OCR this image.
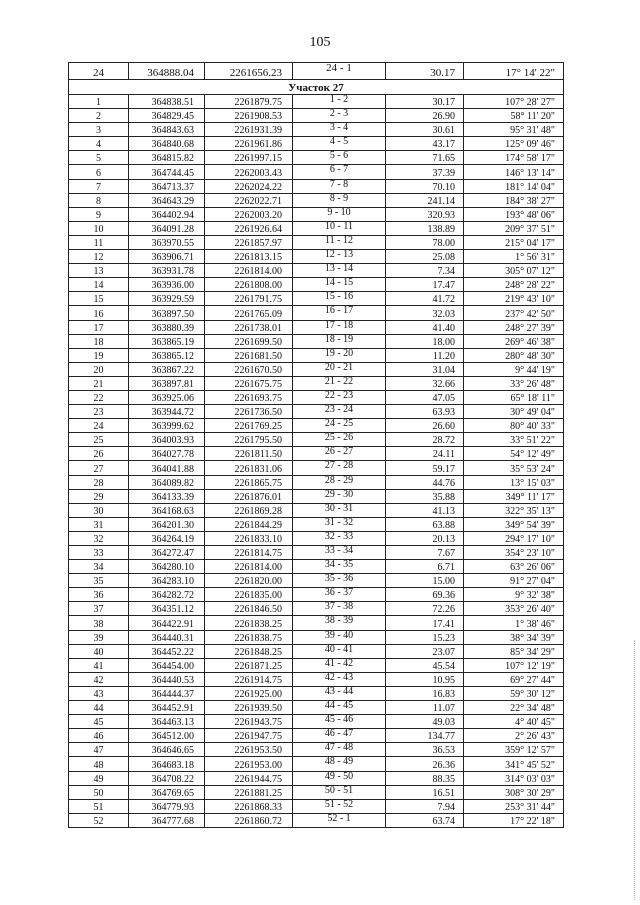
105
24	364888.04	2261656.23	24 - 1	30.17	17° 14' 22"
Участок 27					
1	364838.51	2261879.75	1 - 2	30.17	107° 28' 27"
2	364829.45	2261908.53	2 - 3	26.90	58° 11' 20"
3	364843.63	2261931.39	3 - 4	30.61	95° 31' 48"
4	364840.68	2261961.86	4 - 5	43.17	125° 09' 46"
5	364815.82	2261997.15	5 - 6	71.65	174° 58' 17"
6	364744.45	2262003.43	6 - 7	37.39	146° 13' 14"
7	364713.37	2262024.22	7 - 8	70.10	181° 14' 04"
8	364643.29	2262022.71	8 - 9	241.14	184° 38' 27"
9	364402.94	2262003.20	9 - 10	320.93	193° 48' 06"
10	364091.28	2261926.64	10 - 11	138.89	209° 37' 51"
11	363970.55	2261857.97	11 - 12	78.00	215° 04' 17"
12	363906.71	2261813.15	12 - 13	25.08	1° 56' 31"
13	363931.78	2261814.00	13 - 14	7.34	305° 07' 12"
14	363936.00	2261808.00	14 - 15	17.47	248° 28' 22"
15	363929.59	2261791.75	15 - 16	41.72	219° 43' 10"
16	363897.50	2261765.09	16 - 17	32.03	237° 42' 50"
17	363880.39	2261738.01	17 - 18	41.40	248° 27' 39"
18	363865.19	2261699.50	18 - 19	18.00	269° 46' 38"
19	363865.12	2261681.50	19 - 20	11.20	280° 48' 30"
20	363867.22	2261670.50	20 - 21	31.04	9° 44' 19"
21	363897.81	2261675.75	21 - 22	32.66	33° 26' 48"
22	363925.06	2261693.75	22 - 23	47.05	65° 18' 11"
23	363944.72	2261736.50	23 - 24	63.93	30° 49' 04"
24	363999.62	2261769.25	24 - 25	26.60	80° 40' 33"
25	364003.93	2261795.50	25 - 26	28.72	33° 51' 22"
26	364027.78	2261811.50	26 - 27	24.11	54° 12' 49"
27	364041.88	2261831.06	27 - 28	59.17	35° 53' 24"
28	364089.82	2261865.75	28 - 29	44.76	13° 15' 03"
29	364133.39	2261876.01	29 - 30	35.88	349° 11' 17"
30	364168.63	2261869.28	30 - 31	41.13	322° 35' 13"
31	364201.30	2261844.29	31 - 32	63.88	349° 54' 39"
32	364264.19	2261833.10	32 - 33	20.13	294° 17' 10"
33	364272.47	2261814.75	33 - 34	7.67	354° 23' 10"
34	364280.10	2261814.00	34 - 35	6.71	63° 26' 06"
35	364283.10	2261820.00	35 - 36	15.00	91° 27' 04"
36	364282.72	2261835.00	36 - 37	69.36	9° 32' 38"
37	364351.12	2261846.50	37 - 38	72.26	353° 26' 40"
38	364422.91	2261838.25	38 - 39	17.41	1° 38' 46"
39	364440.31	2261838.75	39 - 40	15.23	38° 34' 39"
40	364452.22	2261848.25	40 - 41	23.07	85° 34' 29"
41	364454.00	2261871.25	41 - 42	45.54	107° 12' 19"
42	364440.53	2261914.75	42 - 43	10.95	69° 27' 44"
43	364444.37	2261925.00	43 - 44	16.83	59° 30' 12"
44	364452.91	2261939.50	44 - 45	11.07	22° 34' 48"
45	364463.13	2261943.75	45 - 46	49.03	4° 40' 45"
46	364512.00	2261947.75	46 - 47	134.77	2° 26' 43"
47	364646.65	2261953.50	47 - 48	36.53	359° 12' 57"
48	364683.18	2261953.00	48 - 49	26.36	341° 45' 52"
49	364708.22	2261944.75	49 - 50	88.35	314° 03' 03"
50	364769.65	2261881.25	50 - 51	16.51	308° 30' 29"
51	364779.93	2261868.33	51 - 52	7.94	253° 31' 44"
52	364777.68	2261860.72	52 - 1	63.74	17° 22' 18"
